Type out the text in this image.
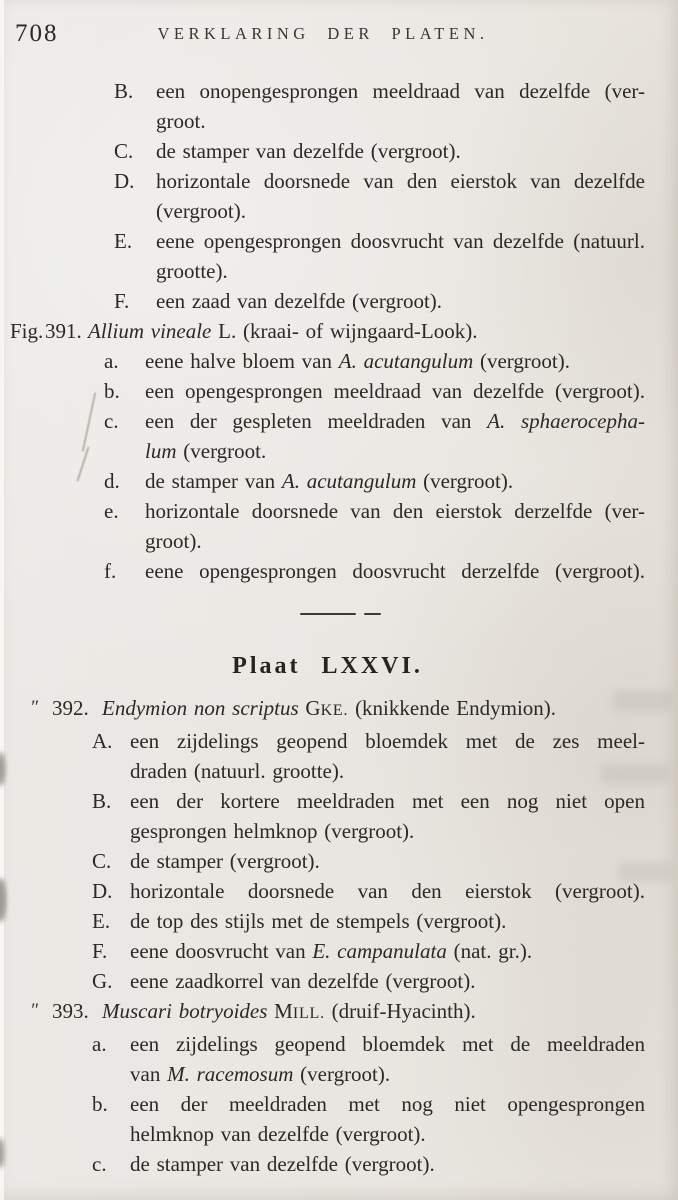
708	VERKLARING DER PLATEN.
B. een onopengesprongen meeldraad van dezelfde (ver-
groot.
C. de stamper van dezelfde (vergroot).
D. horizontale doorsnede van den eierstok van dezelfde
(vergroot).
E. eene opengesprongen doosvrucht van dezelfde (natuurl.
grootte).
F. een zaad van dezelfde (vergroot).
Fig. 391. Allium vineale L. (kraai- of wijngaard-Look).
a. eene halve bloem van A. acutangulum (vergroot).
b. een opengesprongen meeldraad van dezelfde (vergroot).
c. een der gespleten meeldraden van A. sphaerocepha-
lum (vergroot.
d. de stamper van A. acutangulum (vergroot).
e. horizontale doorsnede van den eierstok derzelfde (ver-
groot).
f. eene opengesprongen doosvrucht derzelfde (vergroot).
Plaat LXXVI.
″ 392. Endymion non scriptus GKE. (knikkende Endymion).
A. een zijdelings geopend bloemdek met de zes meel-
draden (natuurl. grootte).
B. een der kortere meeldraden met een nog niet open
gesprongen helmknop (vergroot).
C. de stamper (vergroot).
D. horizontale doorsnede van den eierstok (vergroot).
E. de top des stijls met de stempels (vergroot).
F. eene doosvrucht van E. campanulata (nat. gr.).
G. eene zaadkorrel van dezelfde (vergroot).
″ 393. Muscari botryoides MILL. (druif-Hyacinth).
a. een zijdelings geopend bloemdek met de meeldraden
van M. racemosum (vergroot).
b. een der meeldraden met nog niet opengesprongen
helmknop van dezelfde (vergroot).
c. de stamper van dezelfde (vergroot).
